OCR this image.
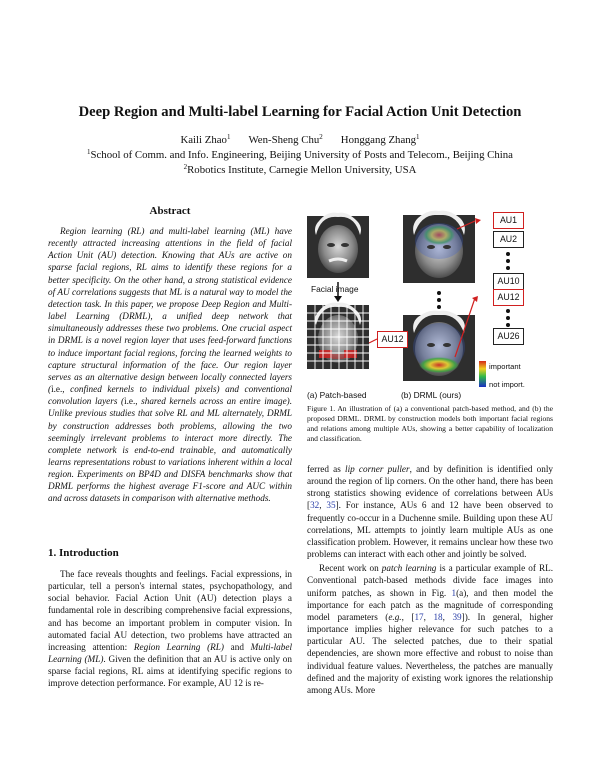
Deep Region and Multi-label Learning for Facial Action Unit Detection
Kaili Zhao$^1$ Wen-Sheng Chu$^2$ Honggang Zhang$^1$
$^1$School of Comm. and Info. Engineering, Beijing University of Posts and Telecom., Beijing China
$^2$Robotics Institute, Carnegie Mellon University, USA
Abstract

Region learning (RL) and multi-label learning (ML) have recently attracted increasing attentions in the field of facial Action Unit (AU) detection. Knowing that AUs are active on sparse facial regions, RL aims to identify these regions for a better specificity. On the other hand, a strong statistical evidence of AU correlations suggests that ML is a natural way to model the detection task. In this paper, we propose Deep Region and Multi-label Learning (DRML), a unified deep network that simultaneously addresses these two problems. One crucial aspect in DRML is a novel region layer that uses feed-forward functions to induce important facial regions, forcing the learned weights to capture structural information of the face. Our region layer serves as an alternative design between locally connected layers (i.e., confined kernels to individual pixels) and conventional convolution layers (i.e., shared kernels across an entire image). Unlike previous studies that solve RL and ML alternately, DRML by construction addresses both problems, allowing the two seemingly irrelevant problems to interact more directly. The complete network is end-to-end trainable, and automatically learns representations robust to variations inherent within a local region. Experiments on BP4D and DISFA benchmarks show that DRML performs the highest average F1-score and AUC within and across datasets in comparison with alternative methods.

1. Introduction

The face reveals thoughts and feelings. Facial expressions, in particular, tell a person's internal states, psychopathology, and social behavior. Facial Action Unit (AU) detection plays a fundamental role in describing comprehensive facial expressions, and has become an important problem in computer vision. In automated facial AU detection, two problems have attracted an increasing attention: Region Learning (RL) and Multi-label Learning (ML). Given the definition that an AU is active only on sparse facial regions, RL aims at identifying specific regions to improve detection performance. For example, AU 12 is re-

Facial image
AU1
AU2
AU10
AU12
AU26
AU12
important
not import.
(a) Patch-based	(b) DRML (ours)
Figure 1. An illustration of (a) a conventional patch-based method, and (b) the proposed DRML. DRML by construction models both important facial regions and relations among multiple AUs, showing a better capability of localization and classification.

ferred as lip corner puller, and by definition is identified only around the region of lip corners. On the other hand, there has been strong statistics showing evidence of correlations between AUs [32, 35]. For instance, AUs 6 and 12 have been observed to frequently co-occur in a Duchenne smile. Building upon these AU correlations, ML attempts to jointly learn multiple AUs as one classification problem. However, it remains unclear how these two problems can interact with each other and jointly be solved.

Recent work on patch learning is a particular example of RL. Conventional patch-based methods divide face images into uniform patches, as shown in Fig. 1(a), and then model the importance for each patch as the magnitude of corresponding model parameters (e.g., [17, 18, 39]). In general, higher importance implies higher relevance for such patches to a particular AU. The selected patches, due to their spatial dependencies, are shown more effective and robust to noise than individual feature values. Nevertheless, the patches are manually defined and the majority of existing work ignores the relationship among AUs. More
